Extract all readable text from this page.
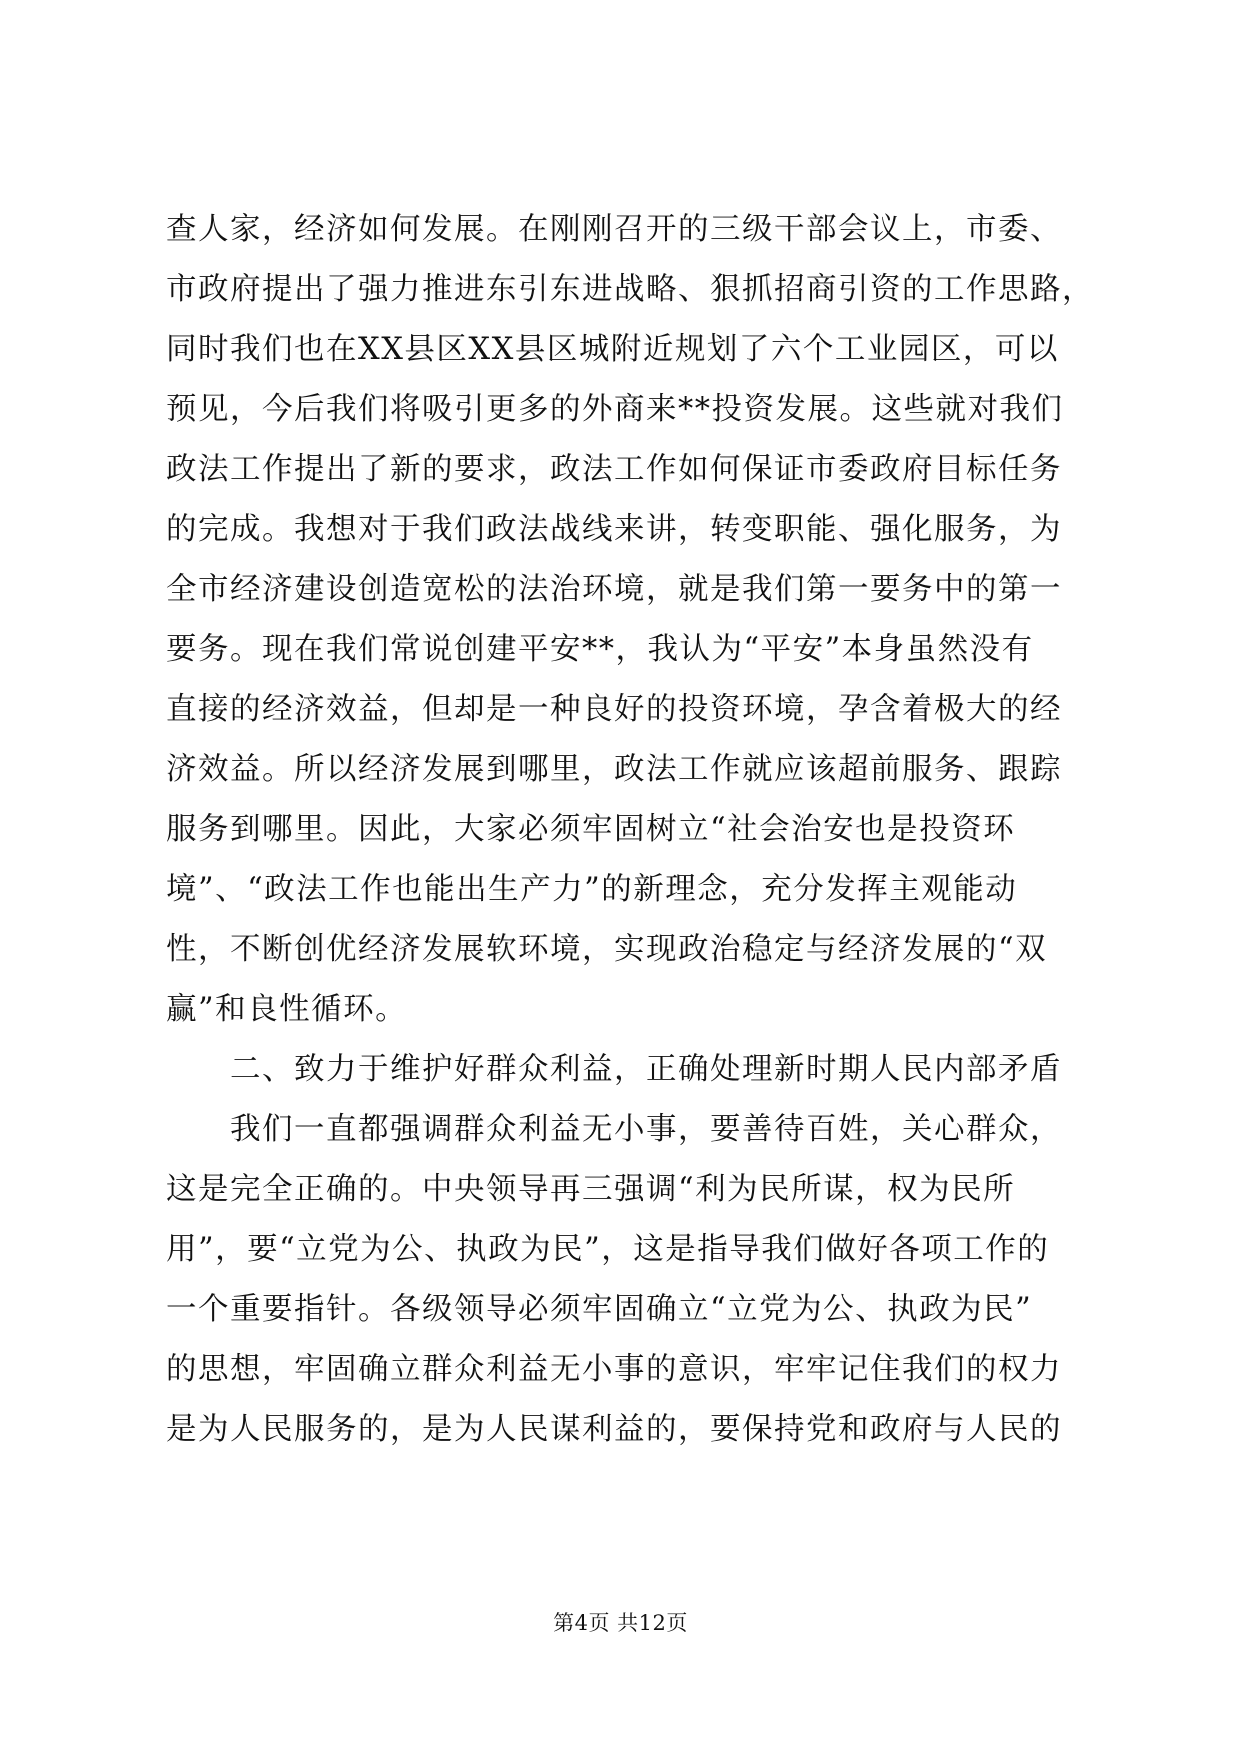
查人家，经济如何发展。在刚刚召开的三级干部会议上，市委、
市政府提出了强力推进东引东进战略、狠抓招商引资的工作思路，
同时我们也在XX县区XX县区城附近规划了六个工业园区，可以
预见，今后我们将吸引更多的外商来**投资发展。这些就对我们
政法工作提出了新的要求，政法工作如何保证市委政府目标任务
的完成。我想对于我们政法战线来讲，转变职能、强化服务，为
全市经济建设创造宽松的法治环境，就是我们第一要务中的第一
要务。现在我们常说创建平安**，我认为“平安”本身虽然没有
直接的经济效益，但却是一种良好的投资环境，孕含着极大的经
济效益。所以经济发展到哪里，政法工作就应该超前服务、跟踪
服务到哪里。因此，大家必须牢固树立“社会治安也是投资环
境”、“政法工作也能出生产力”的新理念，充分发挥主观能动
性，不断创优经济发展软环境，实现政治稳定与经济发展的“双
赢”和良性循环。
二、致力于维护好群众利益，正确处理新时期人民内部矛盾
我们一直都强调群众利益无小事，要善待百姓，关心群众，
这是完全正确的。中央领导再三强调“利为民所谋，权为民所
用”，要“立党为公、执政为民”，这是指导我们做好各项工作的
一个重要指针。各级领导必须牢固确立“立党为公、执政为民”
的思想，牢固确立群众利益无小事的意识，牢牢记住我们的权力
是为人民服务的，是为人民谋利益的，要保持党和政府与人民的
第4页 共12页
